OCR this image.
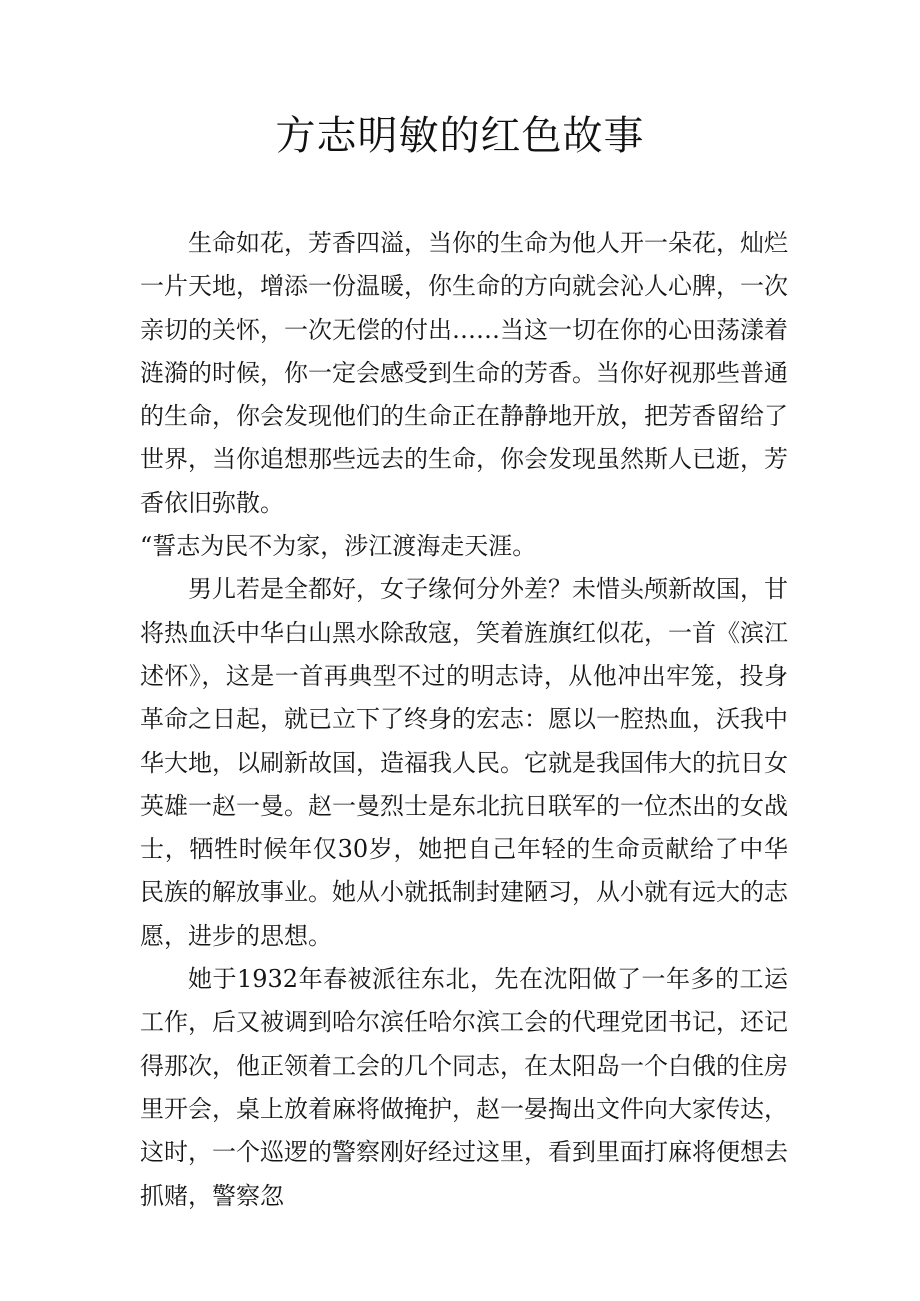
方志明敏的红色故事

生命如花，芳香四溢，当你的生命为他人开一朵花，灿烂一片天地，增添一份温暖，你生命的方向就会沁人心脾，一次亲切的关怀，一次无偿的付出……当这一切在你的心田荡漾着涟漪的时候，你一定会感受到生命的芳香。当你好视那些普通的生命，你会发现他们的生命正在静静地开放，把芳香留给了世界，当你追想那些远去的生命，你会发现虽然斯人已逝，芳香依旧弥散。

“誓志为民不为家，涉江渡海走天涯。

男儿若是全都好，女子缘何分外差？未惜头颅新故国，甘将热血沃中华白山黑水除敌寇，笑着旌旗红似花，一首《滨江述怀》，这是一首再典型不过的明志诗，从他冲出牢笼，投身革命之日起，就已立下了终身的宏志：愿以一腔热血，沃我中华大地，以刷新故国，造福我人民。它就是我国伟大的抗日女英雄一赵一曼。赵一曼烈士是东北抗日联军的一位杰出的女战士，牺牲时候年仅30岁，她把自己年轻的生命贡献给了中华民族的解放事业。她从小就抵制封建陋习，从小就有远大的志愿，进步的思想。

她于1932年春被派往东北，先在沈阳做了一年多的工运工作，后又被调到哈尔滨任哈尔滨工会的代理党团书记，还记得那次，他正领着工会的几个同志，在太阳岛一个白俄的住房里开会，桌上放着麻将做掩护，赵一晏掏出文件向大家传达，这时，一个巡逻的警察刚好经过这里，看到里面打麻将便想去抓赌，警察忽
